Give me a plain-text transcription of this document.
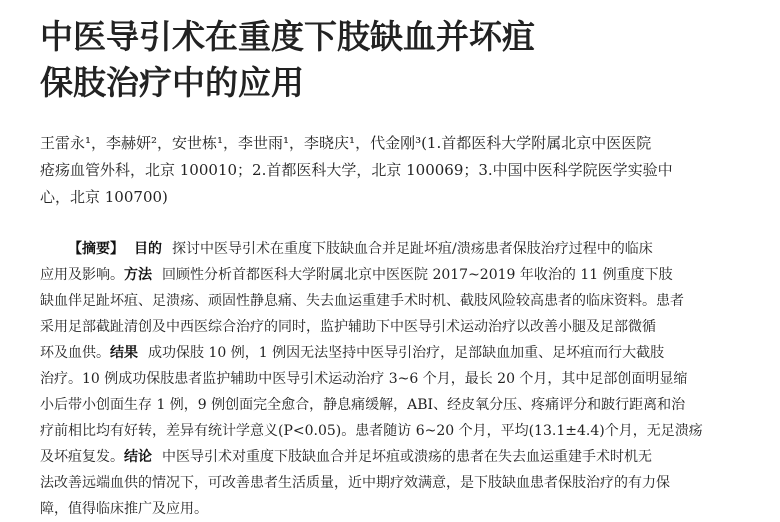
中医导引术在重度下肢缺血并坏疽
保肢治疗中的应用
王雷永¹，李赫妍²，安世栋¹，李世雨¹，李晓庆¹，代金刚³(1.首都医科大学附属北京中医医院
疮疡血管外科，北京 100010；2.首都医科大学，北京 100069；3.中国中医科学院医学实验中
心，北京 100700)
【摘要】 目的 探讨中医导引术在重度下肢缺血合并足趾坏疽/溃疡患者保肢治疗过程中的临床
应用及影响。方法 回顾性分析首都医科大学附属北京中医医院 2017~2019 年收治的 11 例重度下肢
缺血伴足趾坏疽、足溃疡、顽固性静息痛、失去血运重建手术时机、截肢风险较高患者的临床资料。患者
采用足部截趾清创及中西医综合治疗的同时，监护辅助下中医导引术运动治疗以改善小腿及足部微循
环及血供。结果 成功保肢 10 例，1 例因无法坚持中医导引治疗，足部缺血加重、足坏疽而行大截肢
治疗。10 例成功保肢患者监护辅助中医导引术运动治疗 3~6 个月，最长 20 个月，其中足部创面明显缩
小后带小创面生存 1 例，9 例创面完全愈合，静息痛缓解，ABI、经皮氧分压、疼痛评分和跛行距离和治
疗前相比均有好转，差异有统计学意义(P<0.05)。患者随访 6~20 个月，平均(13.1±4.4)个月，无足溃疡
及坏疽复发。结论 中医导引术对重度下肢缺血合并足坏疽或溃疡的患者在失去血运重建手术时机无
法改善远端血供的情况下，可改善患者生活质量，近中期疗效满意，是下肢缺血患者保肢治疗的有力保
障，值得临床推广及应用。
